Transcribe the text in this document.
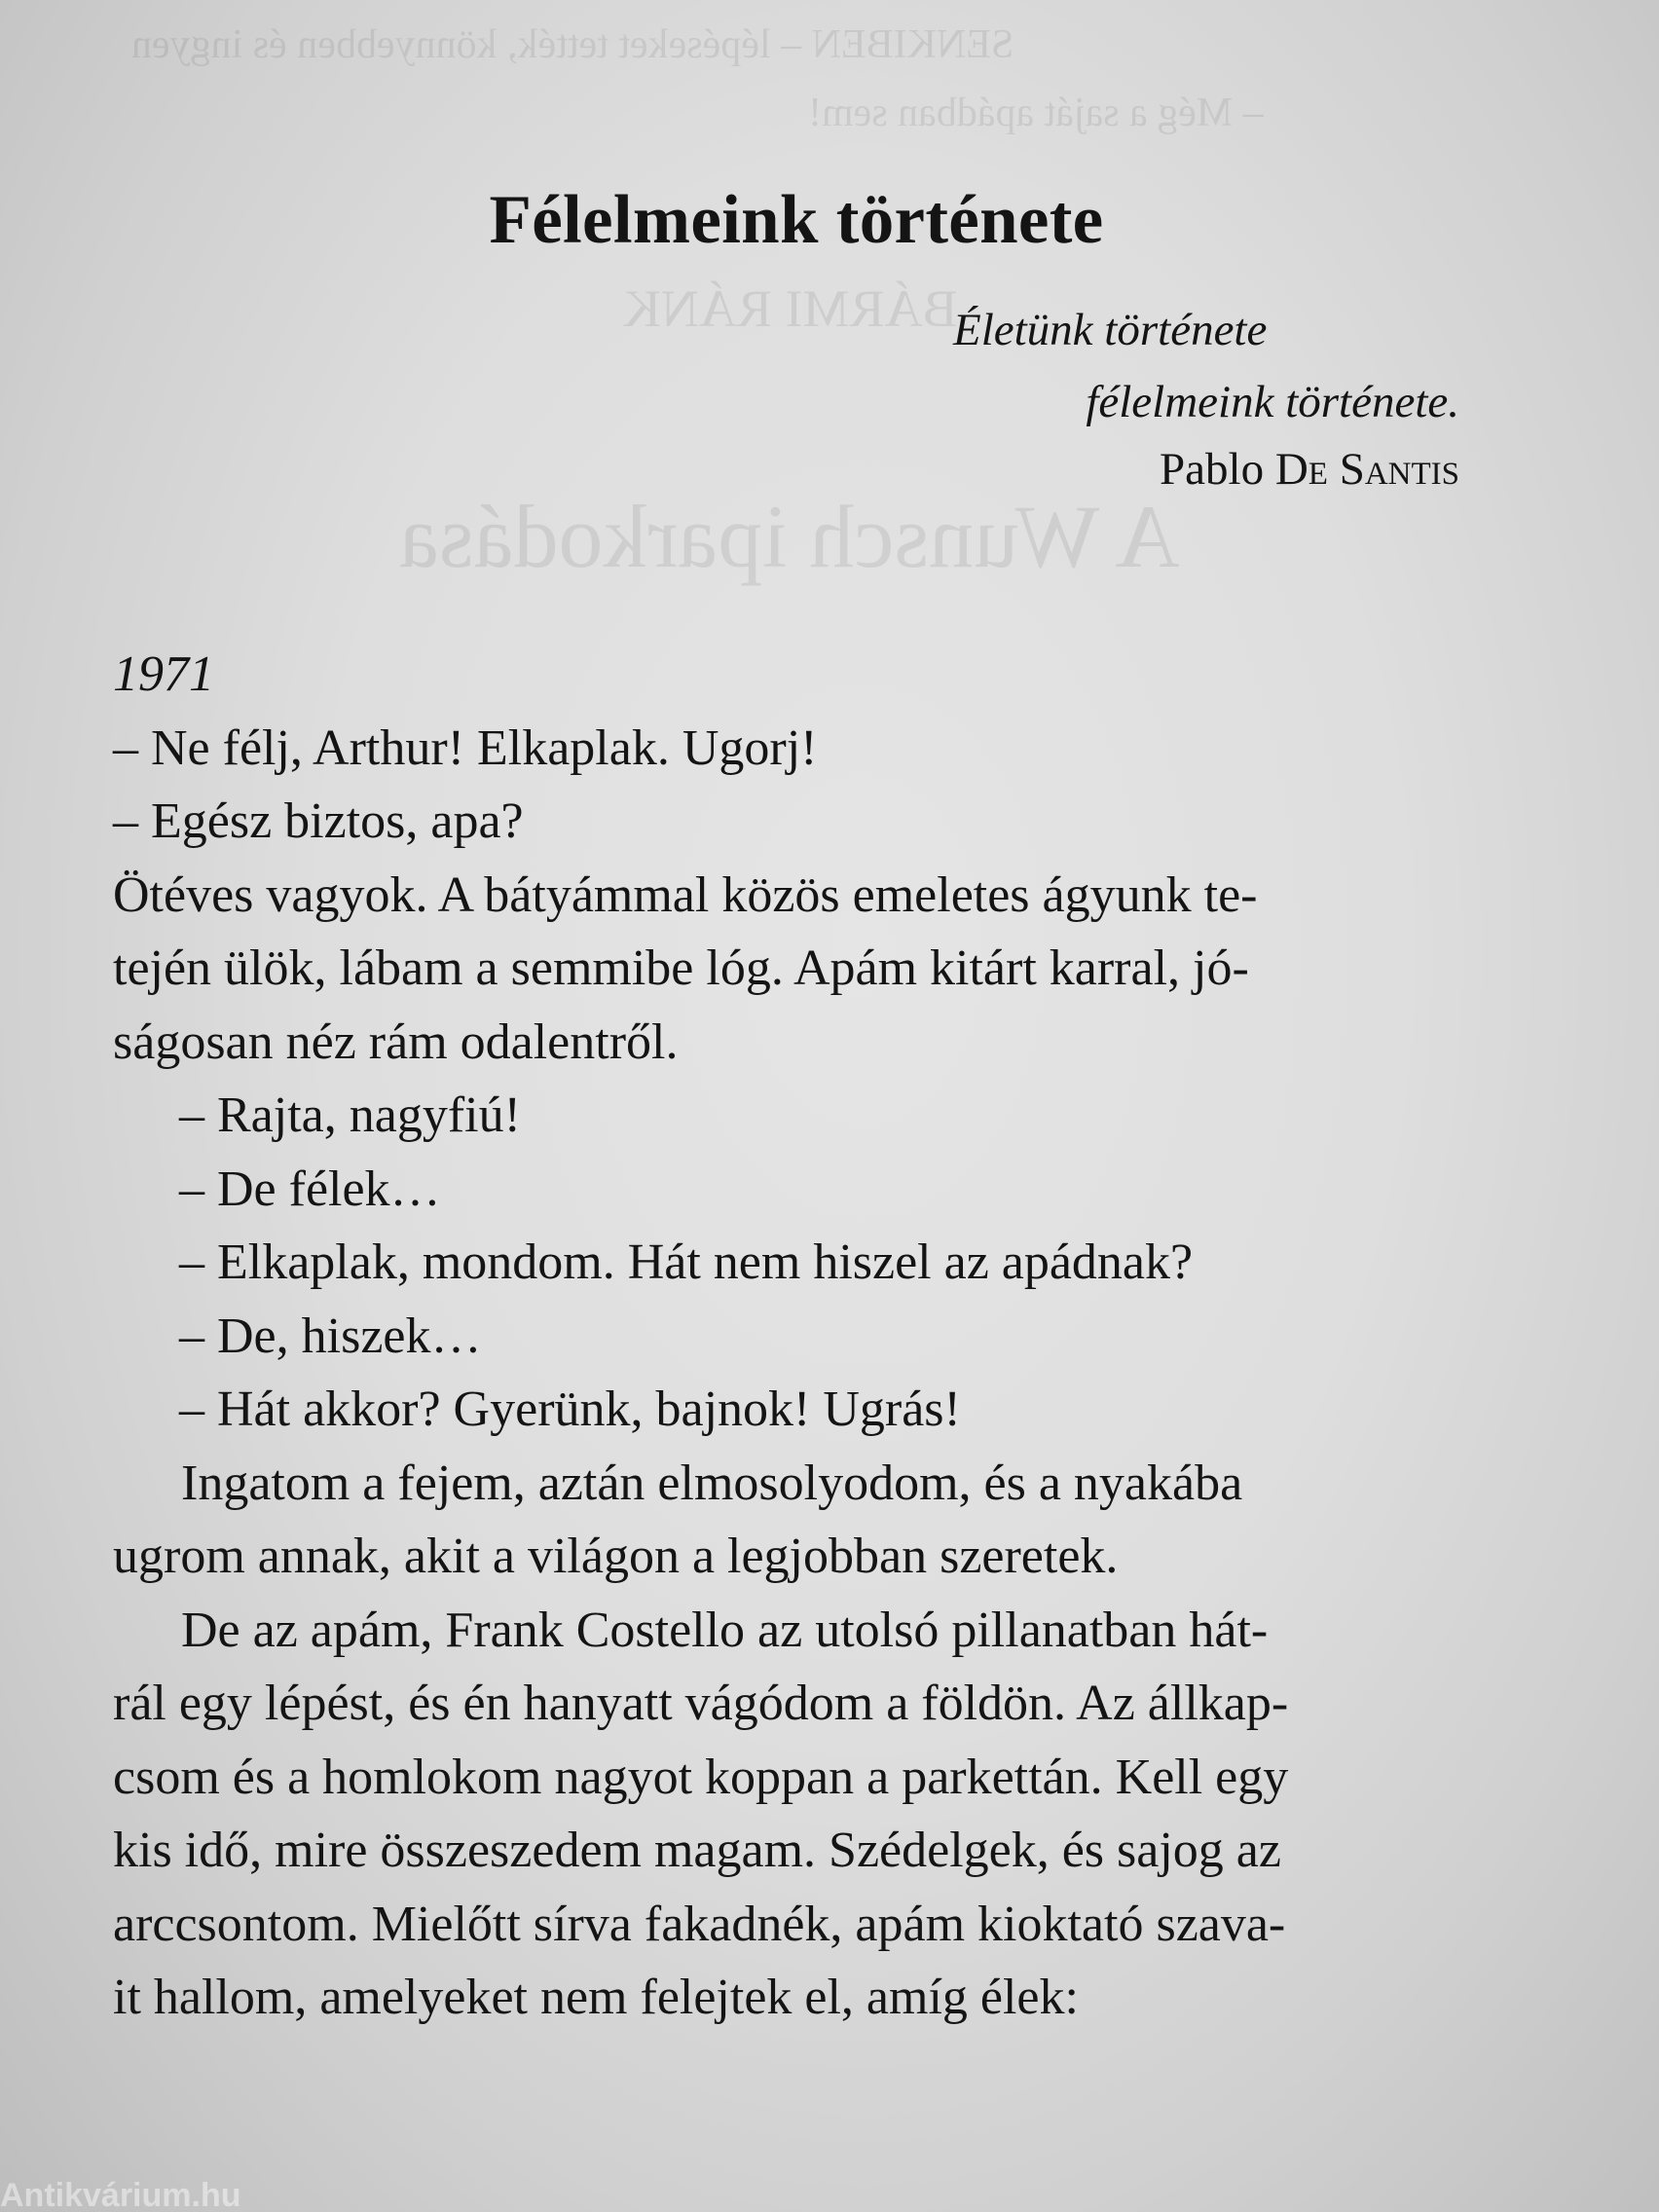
SENKIBEN – lépéseket tették, könnyebben és ingyen
– Még a saját apádban sem!
BÁRMI RÁNK
A Wunsch iparkodása
Félelmeink története
Életünk története
félelmeink története.
Pablo De Santis

1971

– Ne félj, Arthur! Elkaplak. Ugorj!

– Egész biztos, apa?

Ötéves vagyok. A bátyámmal közös emeletes ágyunk te-

tején ülök, lábam a semmibe lóg. Apám kitárt karral, jó-

ságosan néz rám odalentről.

– Rajta, nagyfiú!

– De félek…

– Elkaplak, mondom. Hát nem hiszel az apádnak?

– De, hiszek…

– Hát akkor? Gyerünk, bajnok! Ugrás!

Ingatom a fejem, aztán elmosolyodom, és a nyakába

ugrom annak, akit a világon a legjobban szeretek.

De az apám, Frank Costello az utolsó pillanatban hát-

rál egy lépést, és én hanyatt vágódom a földön. Az állkap-

csom és a homlokom nagyot koppan a parkettán. Kell egy

kis idő, mire összeszedem magam. Szédelgek, és sajog az

arccsontom. Mielőtt sírva fakadnék, apám kioktató szava-

it hallom, amelyeket nem felejtek el, amíg élek:

Antikvárium.hu
